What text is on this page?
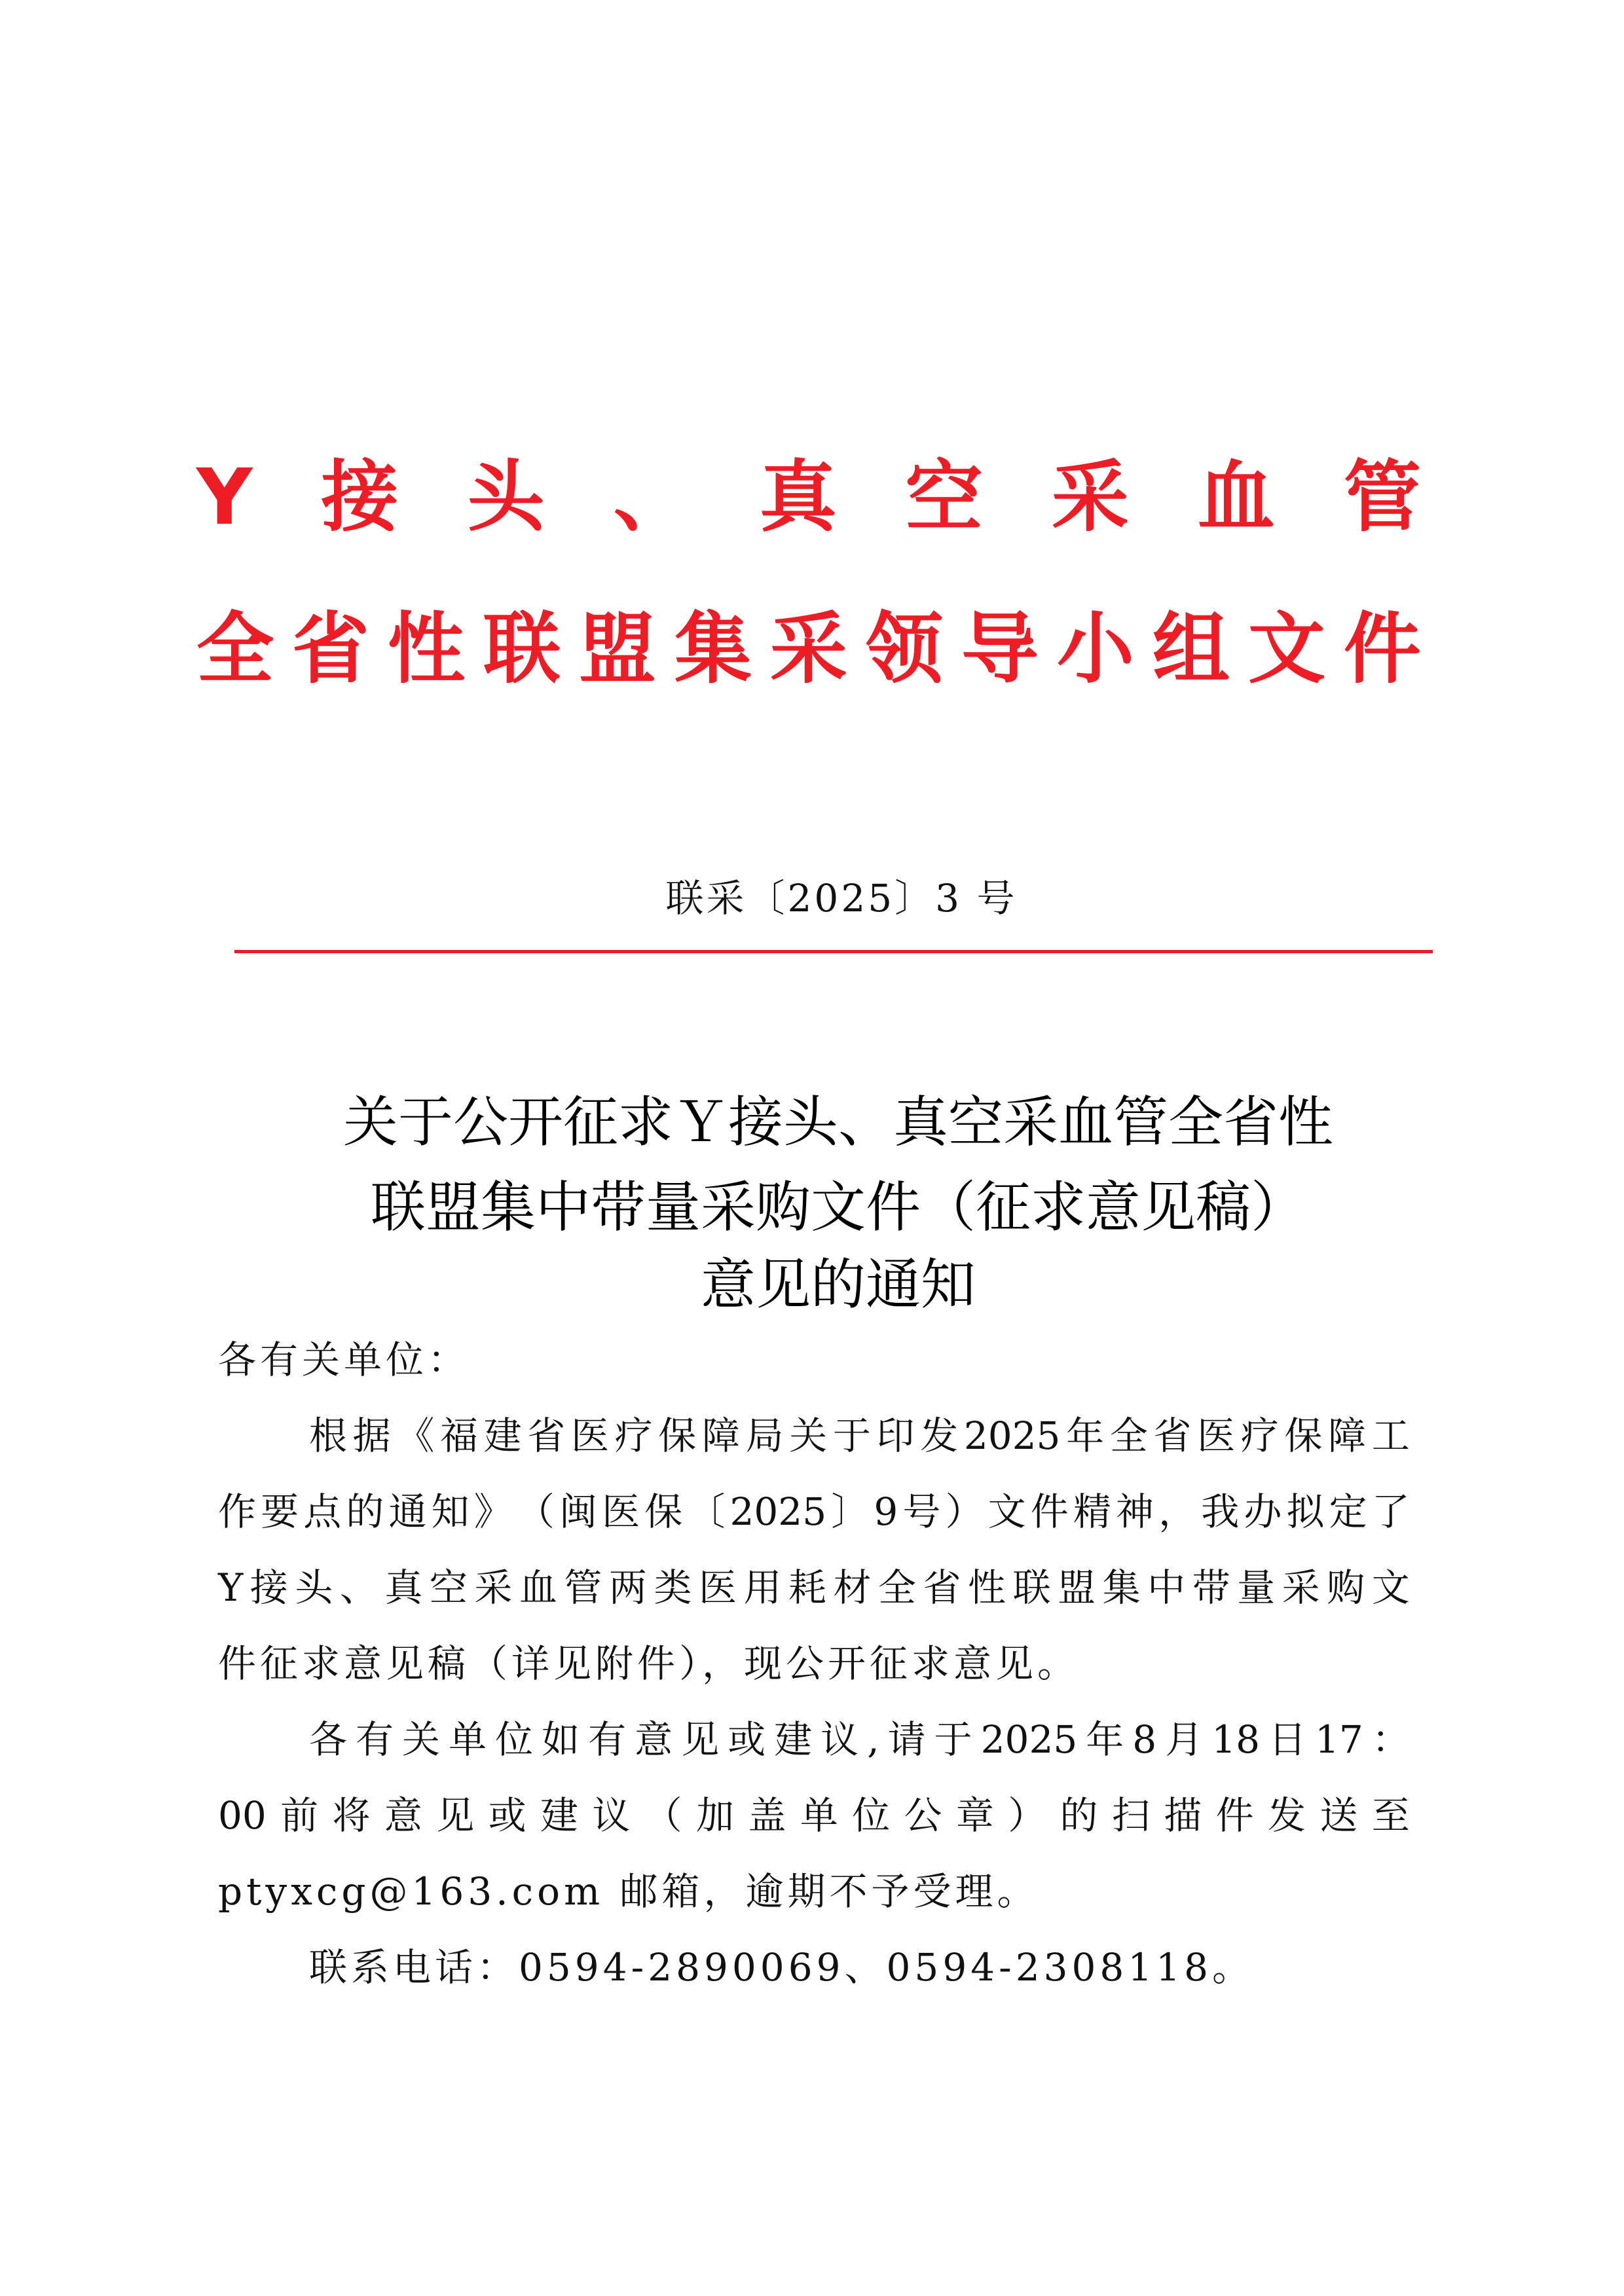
Y 接 头 、 真 空 采 血 管
全 省 性 联 盟 集 采 领 导 小 组 文 件
联采〔2025〕3 号
关于公开征求Ｙ接头、真空采血管全省性
联盟集中带量采购文件（征求意见稿）
意见的通知
各有关单位：
根 据 《 福 建 省 医 疗 保 障 局 关 于 印 发 2025 年 全 省 医 疗 保 障 工
作 要 点 的 通 知 》 （ 闽 医 保 〔 2025 〕 9 号 ） 文 件 精 神 ， 我 办 拟 定 了
Y 接 头 、 真 空 采 血 管 两 类 医 用 耗 材 全 省 性 联 盟 集 中 带 量 采 购 文
件征求意见稿（详见附件），现公开征求意见。
各 有 关 单 位 如 有 意 见 或 建 议 , 请 于 2025 年 8 月 18 日 17 ：
00 前 将 意 见 或 建 议 （ 加 盖 单 位 公 章 ） 的 扫 描 件 发 送 至
ptyxcg@163.com 邮箱，逾期不予受理。
联系电话：0594-2890069、0594-2308118。
